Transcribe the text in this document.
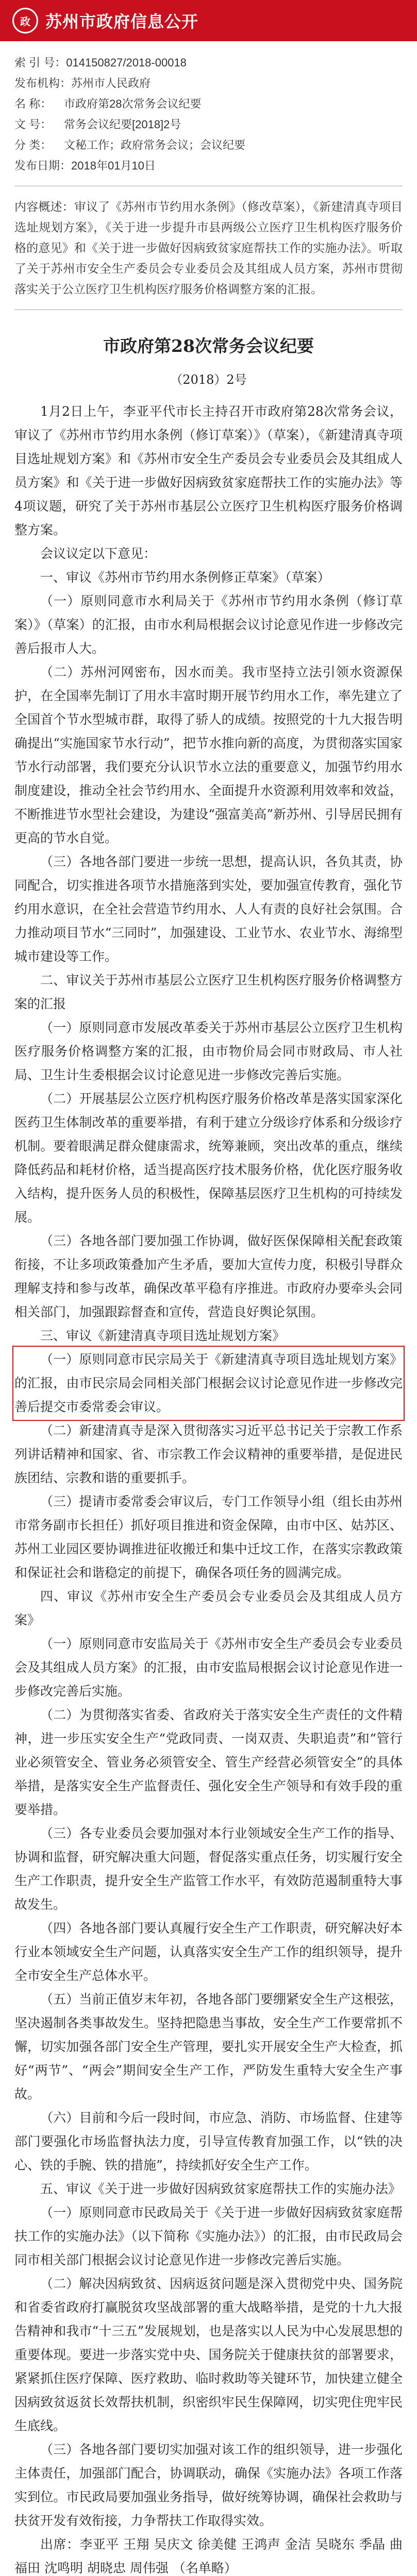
政 苏州市政府信息公开
索 引 号： 014150827/2018-00018
发布机构： 苏州市人民政府
名 称：	市政府第28次常务会议纪要
文 号：	常务会议纪要[2018]2号
分 类：	文秘工作；政府常务会议；会议纪要
发布日期： 2018年01月10日
内容概述：审议了《苏州市节约用水条例》（修改草案），《新建清真寺项目选址规划方案》，《关于进一步提升市县两级公立医疗卫生机构医疗服务价格的意见》和《关于进一步做好因病致贫家庭帮扶工作的实施办法》。听取了关于苏州市安全生产委员会专业委员会及其组成人员方案，苏州市贯彻落实关于公立医疗卫生机构医疗服务价格调整方案的汇报。
市政府第28次常务会议纪要
（2018）2号

1月2日上午，李亚平代市长主持召开市政府第28次常务会议，审议了《苏州市节约用水条例（修订草案）》（草案），《新建清真寺项目选址规划方案》和《苏州市安全生产委员会专业委员会及其组成人员方案》和《关于进一步做好因病致贫家庭帮扶工作的实施办法》等4项议题，研究了关于苏州市基层公立医疗卫生机构医疗服务价格调整方案。

会议议定以下意见：

一、审议《苏州市节约用水条例修正草案》（草案）

（一）原则同意市水利局关于《苏州市节约用水条例（修订草案）》（草案）的汇报，由市水利局根据会议讨论意见作进一步修改完善后报市人大。

（二）苏州河网密布，因水而美。我市坚持立法引领水资源保护，在全国率先制订了用水丰富时期开展节约用水工作，率先建立了全国首个节水型城市群，取得了骄人的成绩。按照党的十九大报告明确提出“实施国家节水行动”，把节水推向新的高度，为贯彻落实国家节水行动部署，我们要充分认识节水立法的重要意义，加强节约用水制度建设，推动全社会节约用水、全面提升水资源利用效率和效益，不断推进节水型社会建设，为建设“强富美高”新苏州、引导居民拥有更高的节水自觉。

（三）各地各部门要进一步统一思想，提高认识，各负其责，协同配合，切实推进各项节水措施落到实处，要加强宣传教育，强化节约用水意识，在全社会营造节约用水、人人有责的良好社会氛围。合力推动项目节水“三同时”，加强建设、工业节水、农业节水、海绵型城市建设等工作。

二、审议关于苏州市基层公立医疗卫生机构医疗服务价格调整方案的汇报

（一）原则同意市发展改革委关于苏州市基层公立医疗卫生机构医疗服务价格调整方案的汇报，由市物价局会同市财政局、市人社局、卫生计生委根据会议讨论意见进一步修改完善后实施。

（二）开展基层公立医疗机构医疗服务价格改革是落实国家深化医药卫生体制改革的重要举措，有利于建立分级诊疗体系和分级诊疗机制。要着眼满足群众健康需求，统筹兼顾，突出改革的重点，继续降低药品和耗材价格，适当提高医疗技术服务价格，优化医疗服务收入结构，提升医务人员的积极性，保障基层医疗卫生机构的可持续发展。

（三）各地各部门要加强工作协调，做好医保保障相关配套政策衔接，不让多项政策叠加产生矛盾，要加大宣传力度，积极引导群众理解支持和参与改革，确保改革平稳有序推进。市政府办要牵头会同相关部门，加强跟踪督查和宣传，营造良好舆论氛围。

三、审议《新建清真寺项目选址规划方案》

（一）原则同意市民宗局关于《新建清真寺项目选址规划方案》的汇报，由市民宗局会同相关部门根据会议讨论意见作进一步修改完善后提交市委常委会审议。

（二）新建清真寺是深入贯彻落实习近平总书记关于宗教工作系列讲话精神和国家、省、市宗教工作会议精神的重要举措，是促进民族团结、宗教和谐的重要抓手。

（三）提请市委常委会审议后，专门工作领导小组（组长由苏州市常务副市长担任）抓好项目推进和资金保障，由市中区、姑苏区、苏州工业园区要协调推进征收搬迁和集中迁坟工作，在落实宗教政策和保证社会和谐稳定的前提下，确保各项任务的圆满完成。

四、审议《苏州市安全生产委员会专业委员会及其组成人员方案》

（一）原则同意市安监局关于《苏州市安全生产委员会专业委员会及其组成人员方案》的汇报，由市安监局根据会议讨论意见作进一步修改完善后实施。

（二）为贯彻落实省委、省政府关于落实安全生产责任的文件精神，进一步压实安全生产“党政同责、一岗双责、失职追责”和“管行业必须管安全、管业务必须管安全、管生产经营必须管安全”的具体举措，是落实安全生产监督责任、强化安全生产领导和有效手段的重要举措。

（三）各专业委员会要加强对本行业领域安全生产工作的指导、协调和监督，研究解决重大问题，督促落实重点任务，切实履行安全生产工作职责，提升安全生产监管工作水平，有效防范遏制重特大事故发生。

（四）各地各部门要认真履行安全生产工作职责，研究解决好本行业本领域安全生产问题，认真落实安全生产工作的组织领导，提升全市安全生产总体水平。

（五）当前正值岁末年初，各地各部门要绷紧安全生产这根弦，坚决遏制各类事故发生。坚持把隐患当事故，安全生产工作要常抓不懈，切实加强各部门安全生产管理，要扎实开展安全生产大检查，抓好“两节”、“两会”期间安全生产工作，严防发生重特大安全生产事故。

（六）目前和今后一段时间，市应急、消防、市场监督、住建等部门要强化市场监督执法力度，引导宣传教育加强工作，以“铁的决心、铁的手腕、铁的措施”，持续抓好安全生产工作。

五、审议《关于进一步做好因病致贫家庭帮扶工作的实施办法》

（一）原则同意市民政局关于《关于进一步做好因病致贫家庭帮扶工作的实施办法》（以下简称《实施办法》）的汇报，由市民政局会同市相关部门根据会议讨论意见作进一步修改完善后实施。

（二）解决因病致贫、因病返贫问题是深入贯彻党中央、国务院和省委省政府打赢脱贫攻坚战部署的重大战略举措，是党的十九大报告精神和我市“十三五”发展规划，也是落实以人民为中心发展思想的重要体现。要进一步落实党中央、国务院关于健康扶贫的部署要求，紧紧抓住医疗保障、医疗救助、临时救助等关键环节，加快建立健全因病致贫返贫长效帮扶机制，织密织牢民生保障网，切实兜住兜牢民生底线。

（三）各地各部门要切实加强对该工作的组织领导，进一步强化主体责任，加强部门配合，协调联动，确保《实施办法》各项工作落实到位。市民政局要加强业务指导，做好统筹协调，确保社会救助与扶贫开发有效衔接，力争帮扶工作取得实效。

出席：李亚平 王翔 吴庆文 徐美健 王鸿声 金洁 吴晓东 季晶 曲福田 沈鸣明 胡晓忠 周伟强 （名单略）
